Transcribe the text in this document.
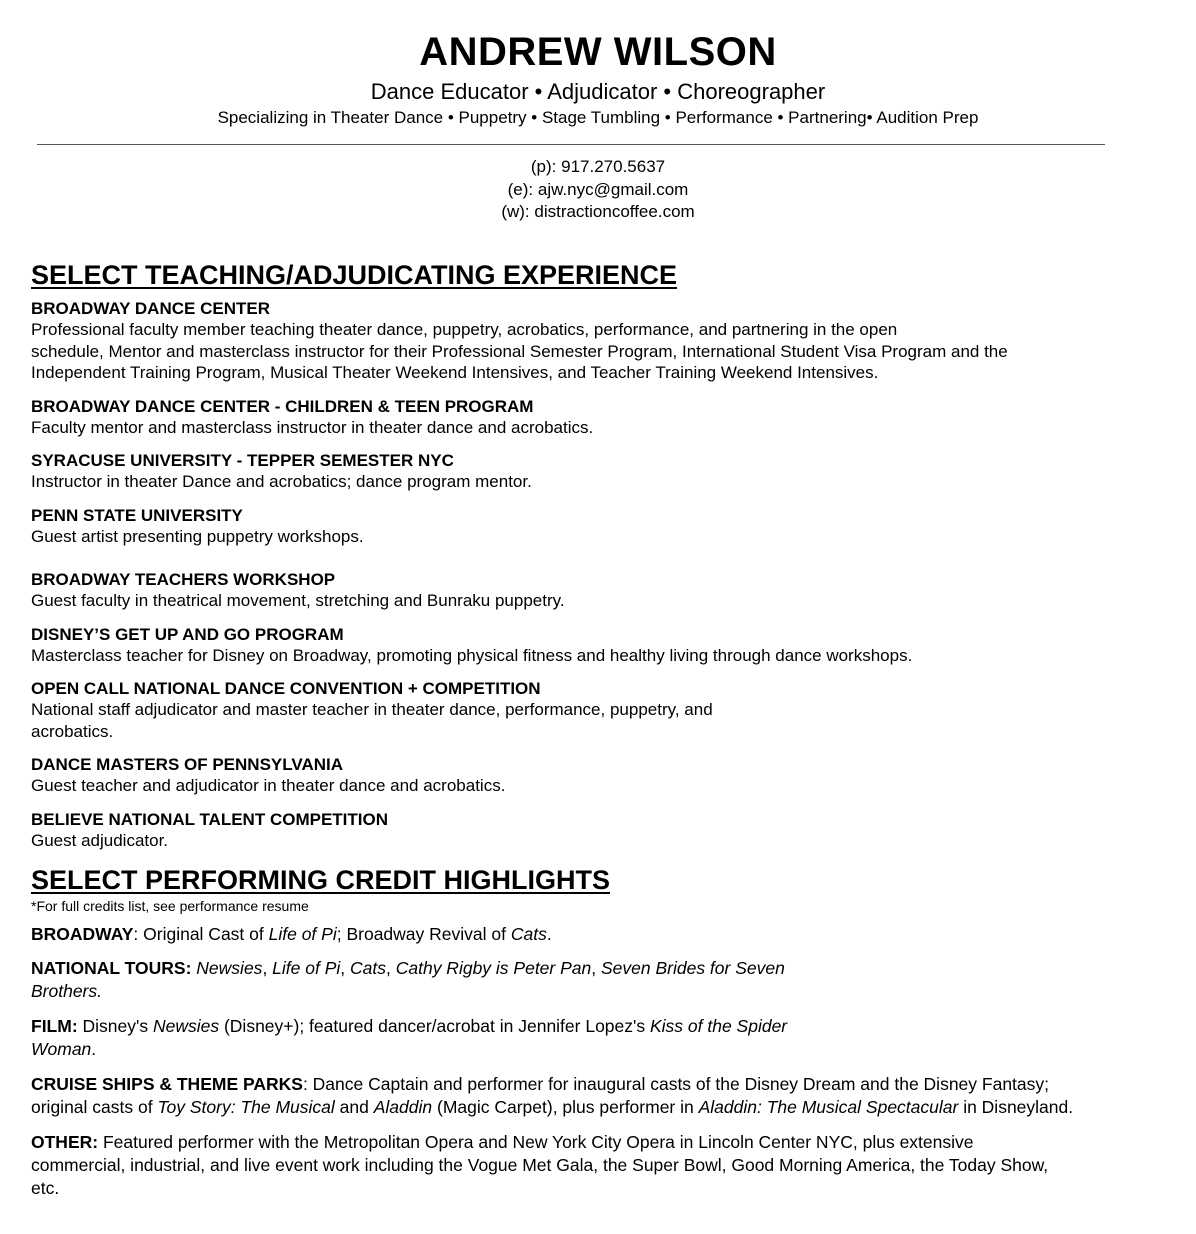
ANDREW WILSON
Dance Educator • Adjudicator • Choreographer
Specializing in Theater Dance • Puppetry • Stage Tumbling • Performance • Partnering• Audition Prep
(p): 917.270.5637
(e): ajw.nyc@gmail.com
(w): distractioncoffee.com
SELECT TEACHING/ADJUDICATING EXPERIENCE
BROADWAY DANCE CENTER
Professional faculty member teaching theater dance, puppetry, acrobatics, performance, and partnering in the open
schedule, Mentor and masterclass instructor for their Professional Semester Program, International Student Visa Program and the
Independent Training Program, Musical Theater Weekend Intensives, and Teacher Training Weekend Intensives.
BROADWAY DANCE CENTER - CHILDREN & TEEN PROGRAM
Faculty mentor and masterclass instructor in theater dance and acrobatics.
SYRACUSE UNIVERSITY - TEPPER SEMESTER NYC
Instructor in theater Dance and acrobatics; dance program mentor.
PENN STATE UNIVERSITY
Guest artist presenting puppetry workshops.
BROADWAY TEACHERS WORKSHOP
Guest faculty in theatrical movement, stretching and Bunraku puppetry.
DISNEY’S GET UP AND GO PROGRAM
Masterclass teacher for Disney on Broadway, promoting physical fitness and healthy living through dance workshops.
OPEN CALL NATIONAL DANCE CONVENTION + COMPETITION
National staff adjudicator and master teacher in theater dance, performance, puppetry, and
acrobatics.
DANCE MASTERS OF PENNSYLVANIA
Guest teacher and adjudicator in theater dance and acrobatics.
BELIEVE NATIONAL TALENT COMPETITION
Guest adjudicator.
SELECT PERFORMING CREDIT HIGHLIGHTS
*For full credits list, see performance resume
BROADWAY: Original Cast of Life of Pi; Broadway Revival of Cats.
NATIONAL TOURS: Newsies, Life of Pi, Cats, Cathy Rigby is Peter Pan, Seven Brides for Seven
Brothers.
FILM: Disney's Newsies (Disney+); featured dancer/acrobat in Jennifer Lopez's Kiss of the Spider
Woman.
CRUISE SHIPS & THEME PARKS: Dance Captain and performer for inaugural casts of the Disney Dream and the Disney Fantasy;
original casts of Toy Story: The Musical and Aladdin (Magic Carpet), plus performer in Aladdin: The Musical Spectacular in Disneyland.
OTHER: Featured performer with the Metropolitan Opera and New York City Opera in Lincoln Center NYC, plus extensive
commercial, industrial, and live event work including the Vogue Met Gala, the Super Bowl, Good Morning America, the Today Show,
etc.
